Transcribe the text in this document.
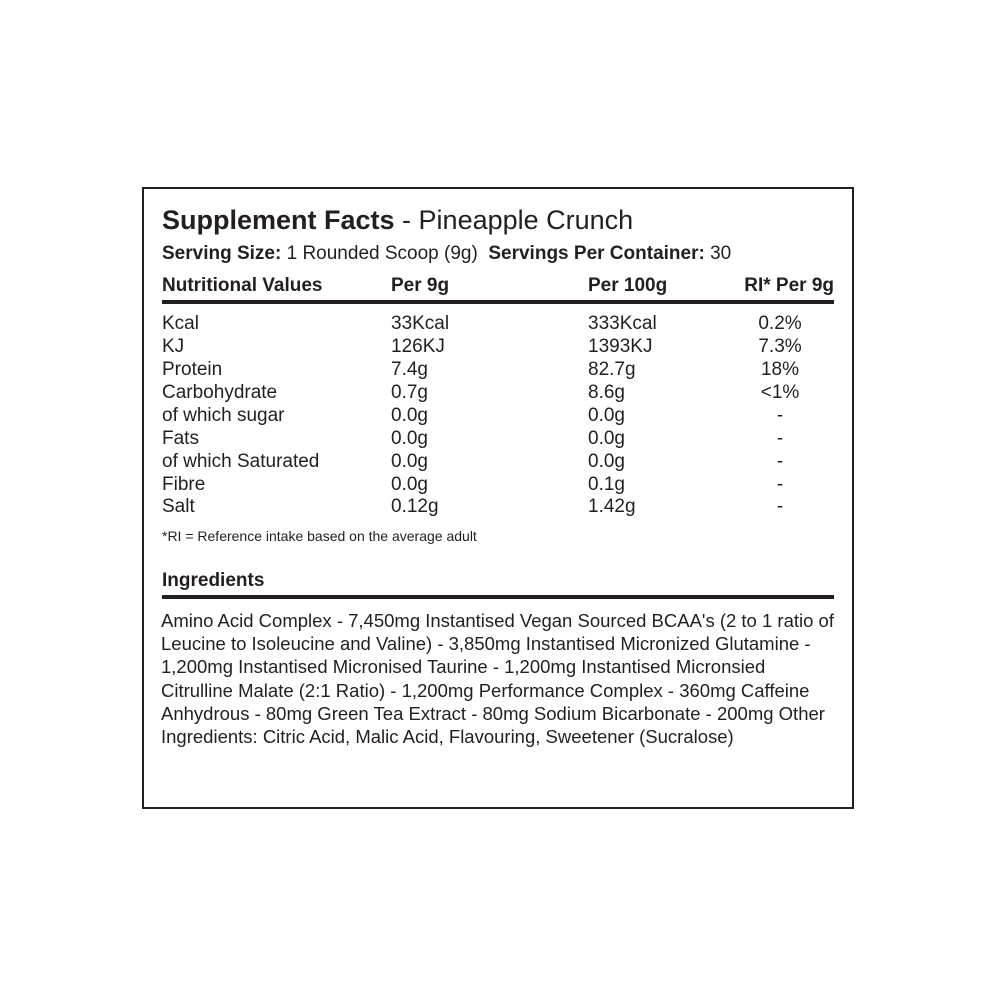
Supplement Facts - Pineapple Crunch
Serving Size: 1 Rounded Scoop (9g) Servings Per Container: 30
Nutritional Values	Per 9g	Per 100g	RI* Per 9g
Kcal	33Kcal	333Kcal	0.2%
KJ	126KJ	1393KJ	7.3%
Protein	7.4g	82.7g	18%
Carbohydrate	0.7g	8.6g	<1%
of which sugar	0.0g	0.0g	-
Fats	0.0g	0.0g	-
of which Saturated	0.0g	0.0g	-
Fibre	0.0g	0.1g	-
Salt	0.12g	1.42g	-
*RI = Reference intake based on the average adult
Ingredients
Amino Acid Complex - 7,450mg Instantised Vegan Sourced BCAA's (2 to 1 ratio of Leucine to Isoleucine and Valine) - 3,850mg Instantised Micronized Glutamine - 1,200mg Instantised Micronised Taurine - 1,200mg Instantised Micronsied Citrulline Malate (2:1 Ratio) - 1,200mg Performance Complex - 360mg Caffeine Anhydrous - 80mg Green Tea Extract - 80mg Sodium Bicarbonate - 200mg Other Ingredients: Citric Acid, Malic Acid, Flavouring, Sweetener (Sucralose)
